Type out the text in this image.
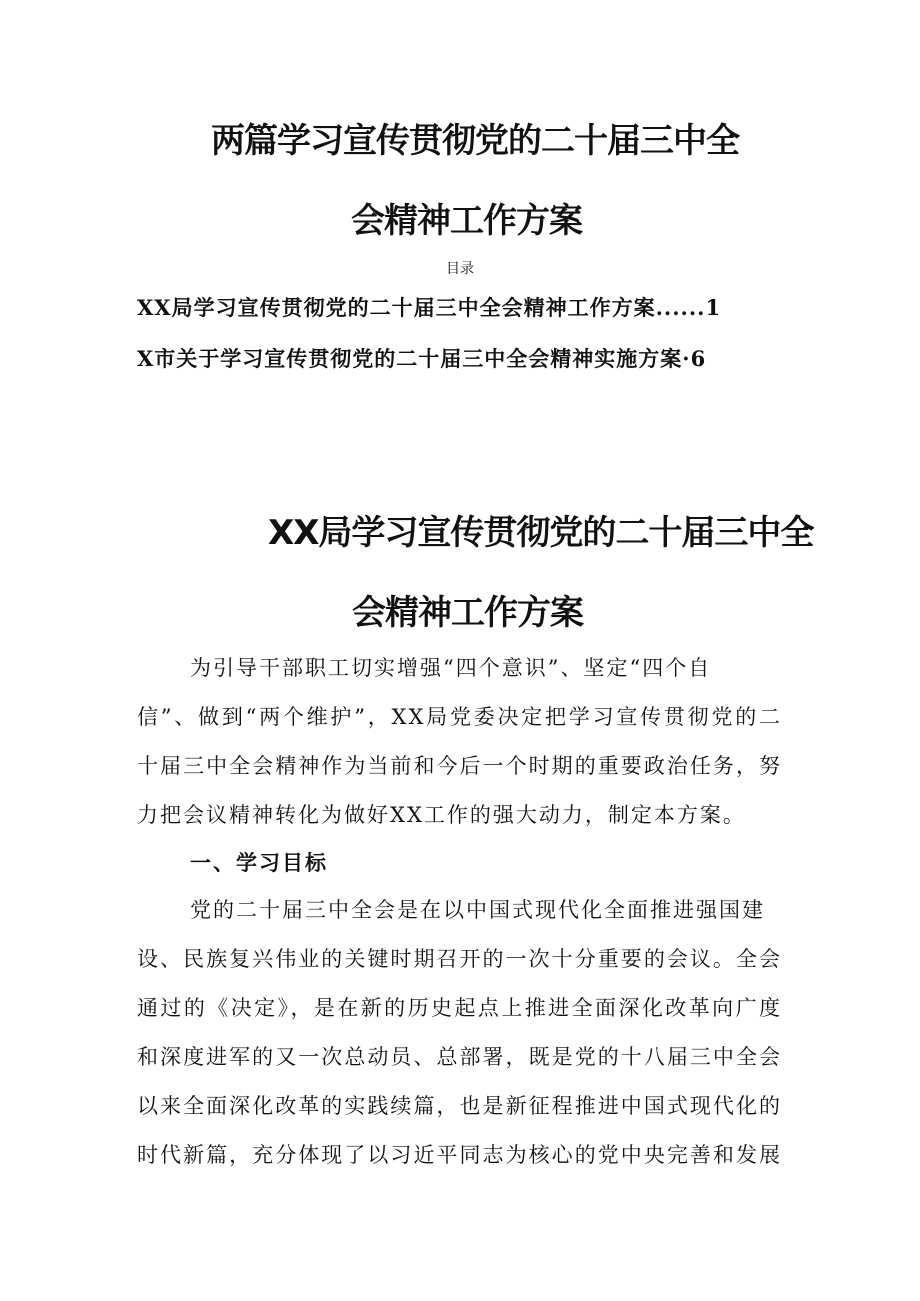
两篇学习宣传贯彻党的二十届三中全
会精神工作方案
目录
XX局学习宣传贯彻党的二十届三中全会精神工作方案......1
X市关于学习宣传贯彻党的二十届三中全会精神实施方案·6
XX局学习宣传贯彻党的二十届三中全
会精神工作方案
为引导干部职工切实增强“四个意识”、坚定“四个自
信”、做到“两个维护”，XX局党委决定把学习宣传贯彻党的二
十届三中全会精神作为当前和今后一个时期的重要政治任务，努
力把会议精神转化为做好XX工作的强大动力，制定本方案。
一、学习目标
党的二十届三中全会是在以中国式现代化全面推进强国建
设、民族复兴伟业的关键时期召开的一次十分重要的会议。全会
通过的《决定》，是在新的历史起点上推进全面深化改革向广度
和深度进军的又一次总动员、总部署，既是党的十八届三中全会
以来全面深化改革的实践续篇，也是新征程推进中国式现代化的
时代新篇，充分体现了以习近平同志为核心的党中央完善和发展
